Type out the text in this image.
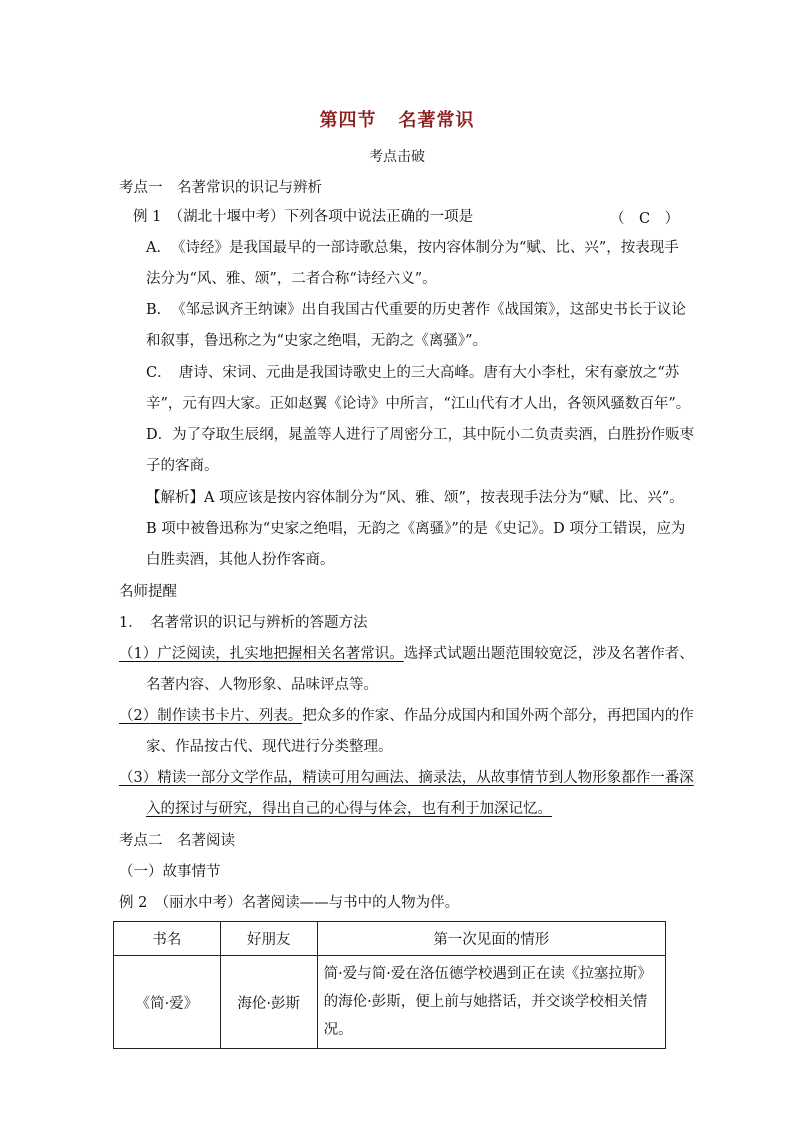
第四节 名著常识
考点击破
考点一　名著常识的识记与辨析
例 1　（湖北十堰中考）下列各项中说法正确的一项是	（　C　）
A．　《诗经》是我国最早的一部诗歌总集，按内容体制分为“赋、比、兴”，按表现手
法分为“风、雅、颂”，二者合称“诗经六义”。
B．　《邹忌讽齐王纳谏》出自我国古代重要的历史著作《战国策》，这部史书长于议论
和叙事，鲁迅称之为“史家之绝唱，无韵之《离骚》”。
C．　唐诗、宋词、元曲是我国诗歌史上的三大高峰。唐有大小李杜，宋有豪放之“苏
辛”，元有四大家。正如赵翼《论诗》中所言，“江山代有才人出，各领风骚数百年”。
D．为了夺取生辰纲，晁盖等人进行了周密分工，其中阮小二负责卖酒，白胜扮作贩枣
子的客商。
【解析】A 项应该是按内容体制分为“风、雅、颂”，按表现手法分为“赋、比、兴”。
B 项中被鲁迅称为“史家之绝唱，无韵之《离骚》”的是《史记》。D 项分工错误，应为
白胜卖酒，其他人扮作客商。
名师提醒
1．　名著常识的识记与辨析的答题方法
（1）广泛阅读，扎实地把握相关名著常识。选择式试题出题范围较宽泛，涉及名著作者、
名著内容、人物形象、品味评点等。
（2）制作读书卡片、列表。把众多的作家、作品分成国内和国外两个部分，再把国内的作
家、作品按古代、现代进行分类整理。
（3）精读一部分文学作品，精读可用勾画法、摘录法，从故事情节到人物形象都作一番深
入的探讨与研究，得出自己的心得与体会，也有利于加深记忆。
考点二　名著阅读
（一）故事情节
例 2　（丽水中考）名著阅读——与书中的人物为伴。
书名	好朋友	第一次见面的情形
《简·爱》	海伦·彭斯	简·爱与简·爱在洛伍德学校遇到正在读《拉塞拉斯》的海伦·彭斯，便上前与她搭话，并交谈学校相关情况。
